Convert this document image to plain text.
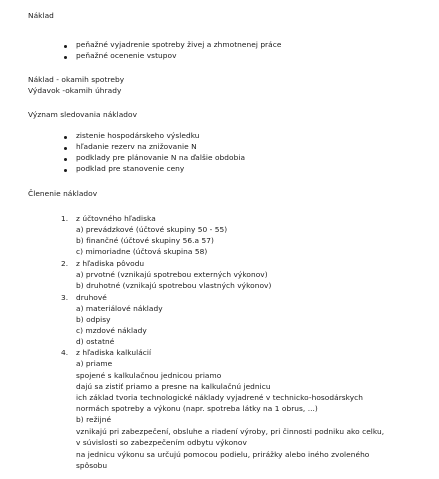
Náklad
peňažné vyjadrenie spotreby živej a zhmotnenej práce
peňažné ocenenie vstupov
Náklad - okamih spotreby
Výdavok -okamih úhrady
Význam sledovania nákladov
zistenie hospodárskeho výsledku
hľadanie rezerv na znižovanie N
podklady pre plánovanie N na ďalšie obdobia
podklad pre stanovenie ceny
Členenie nákladov
1. z účtovného hľadiska
a) prevádzkové (účtové skupiny 50 - 55)
b) finančné (účtové skupiny 56.a 57)
c) mimoriadne (účtová skupina 58)
2. z hľadiska pôvodu
a) prvotné (vznikajú spotrebou externých výkonov)
b) druhotné (vznikajú spotrebou vlastných výkonov)
3. druhové
a) materiálové náklady
b) odpisy
c) mzdové náklady
d) ostatné
4. z hľadiska kalkulácií
a) priame
spojené s kalkulačnou jednicou priamo
dajú sa zistiť priamo a presne na kalkulačnú jednicu
ich základ tvoria technologické náklady vyjadrené v technicko-hosodárskych
normách spotreby a výkonu (napr. spotreba látky na 1 obrus, ...)
b) režijné
vznikajú pri zabezpečení, obsluhe a riadení výroby, pri činnosti podniku ako celku,
v súvislosti so zabezpečením odbytu výkonov
na jednicu výkonu sa určujú pomocou podielu, prirážky alebo iného zvoleného
spôsobu
